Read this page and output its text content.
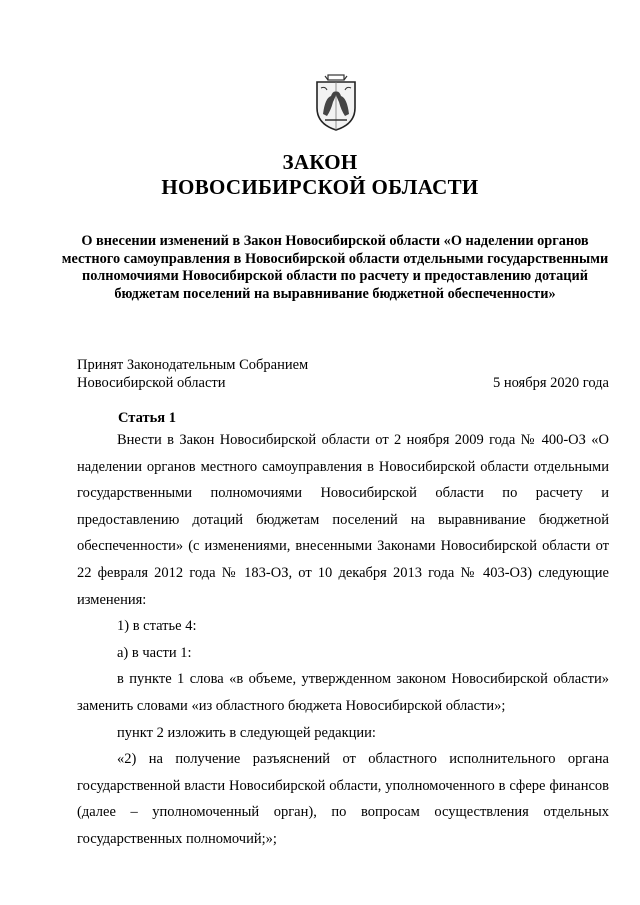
ЗАКОН
НОВОСИБИРСКОЙ ОБЛАСТИ
О внесении изменений в Закон Новосибирской области «О наделении органов местного самоуправления в Новосибирской области отдельными государственными полномочиями Новосибирской области по расчету и предоставлению дотаций бюджетам поселений на выравнивание бюджетной обеспеченности»
Принят Законодательным Собранием
Новосибирской области	5 ноября 2020 года
Статья 1

Внести в Закон Новосибирской области от 2 ноября 2009 года № 400-ОЗ «О наделении органов местного самоуправления в Новосибирской области отдельными государственными полномочиями Новосибирской области по расчету и предоставлению дотаций бюджетам поселений на выравнивание бюджетной обеспеченности» (с изменениями, внесенными Законами Новосибирской области от 22 февраля 2012 года № 183-ОЗ, от 10 декабря 2013 года № 403-ОЗ) следующие изменения:

1) в статье 4:

а) в части 1:

в пункте 1 слова «в объеме, утвержденном законом Новосибирской области» заменить словами «из областного бюджета Новосибирской области»;

пункт 2 изложить в следующей редакции:

«2) на получение разъяснений от областного исполнительного органа государственной власти Новосибирской области, уполномоченного в сфере финансов (далее – уполномоченный орган), по вопросам осуществления отдельных государственных полномочий;»;
